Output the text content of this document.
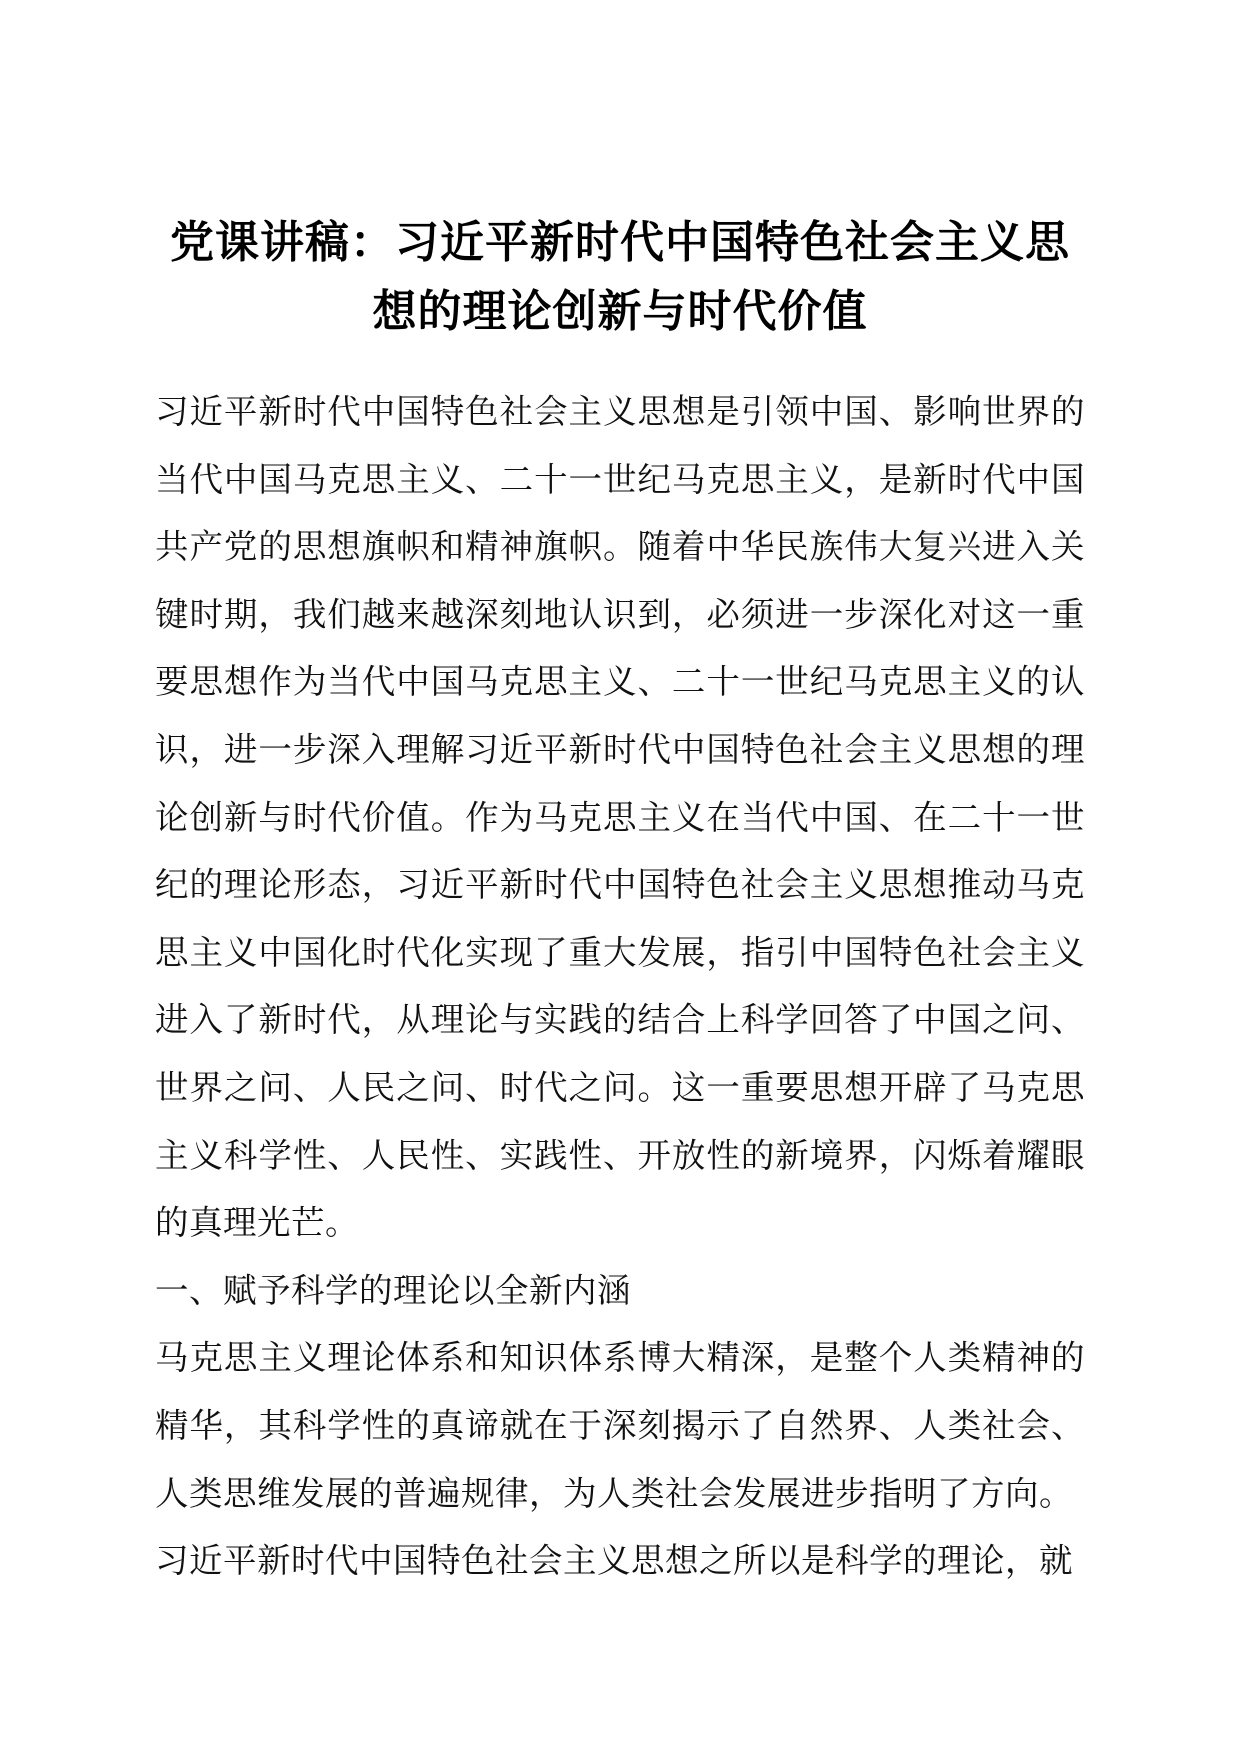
党课讲稿：习近平新时代中国特色社会主义思想的理论创新与时代价值

习近平新时代中国特色社会主义思想是引领中国、影响世界的当代中国马克思主义、二十一世纪马克思主义，是新时代中国共产党的思想旗帜和精神旗帜。随着中华民族伟大复兴进入关键时期，我们越来越深刻地认识到，必须进一步深化对这一重要思想作为当代中国马克思主义、二十一世纪马克思主义的认识，进一步深入理解习近平新时代中国特色社会主义思想的理论创新与时代价值。作为马克思主义在当代中国、在二十一世纪的理论形态，习近平新时代中国特色社会主义思想推动马克思主义中国化时代化实现了重大发展，指引中国特色社会主义进入了新时代，从理论与实践的结合上科学回答了中国之问、世界之问、人民之问、时代之问。这一重要思想开辟了马克思主义科学性、人民性、实践性、开放性的新境界，闪烁着耀眼的真理光芒。

一、赋予科学的理论以全新内涵

马克思主义理论体系和知识体系博大精深，是整个人类精神的精华，其科学性的真谛就在于深刻揭示了自然界、人类社会、人类思维发展的普遍规律，为人类社会发展进步指明了方向。

习近平新时代中国特色社会主义思想之所以是科学的理论，就
